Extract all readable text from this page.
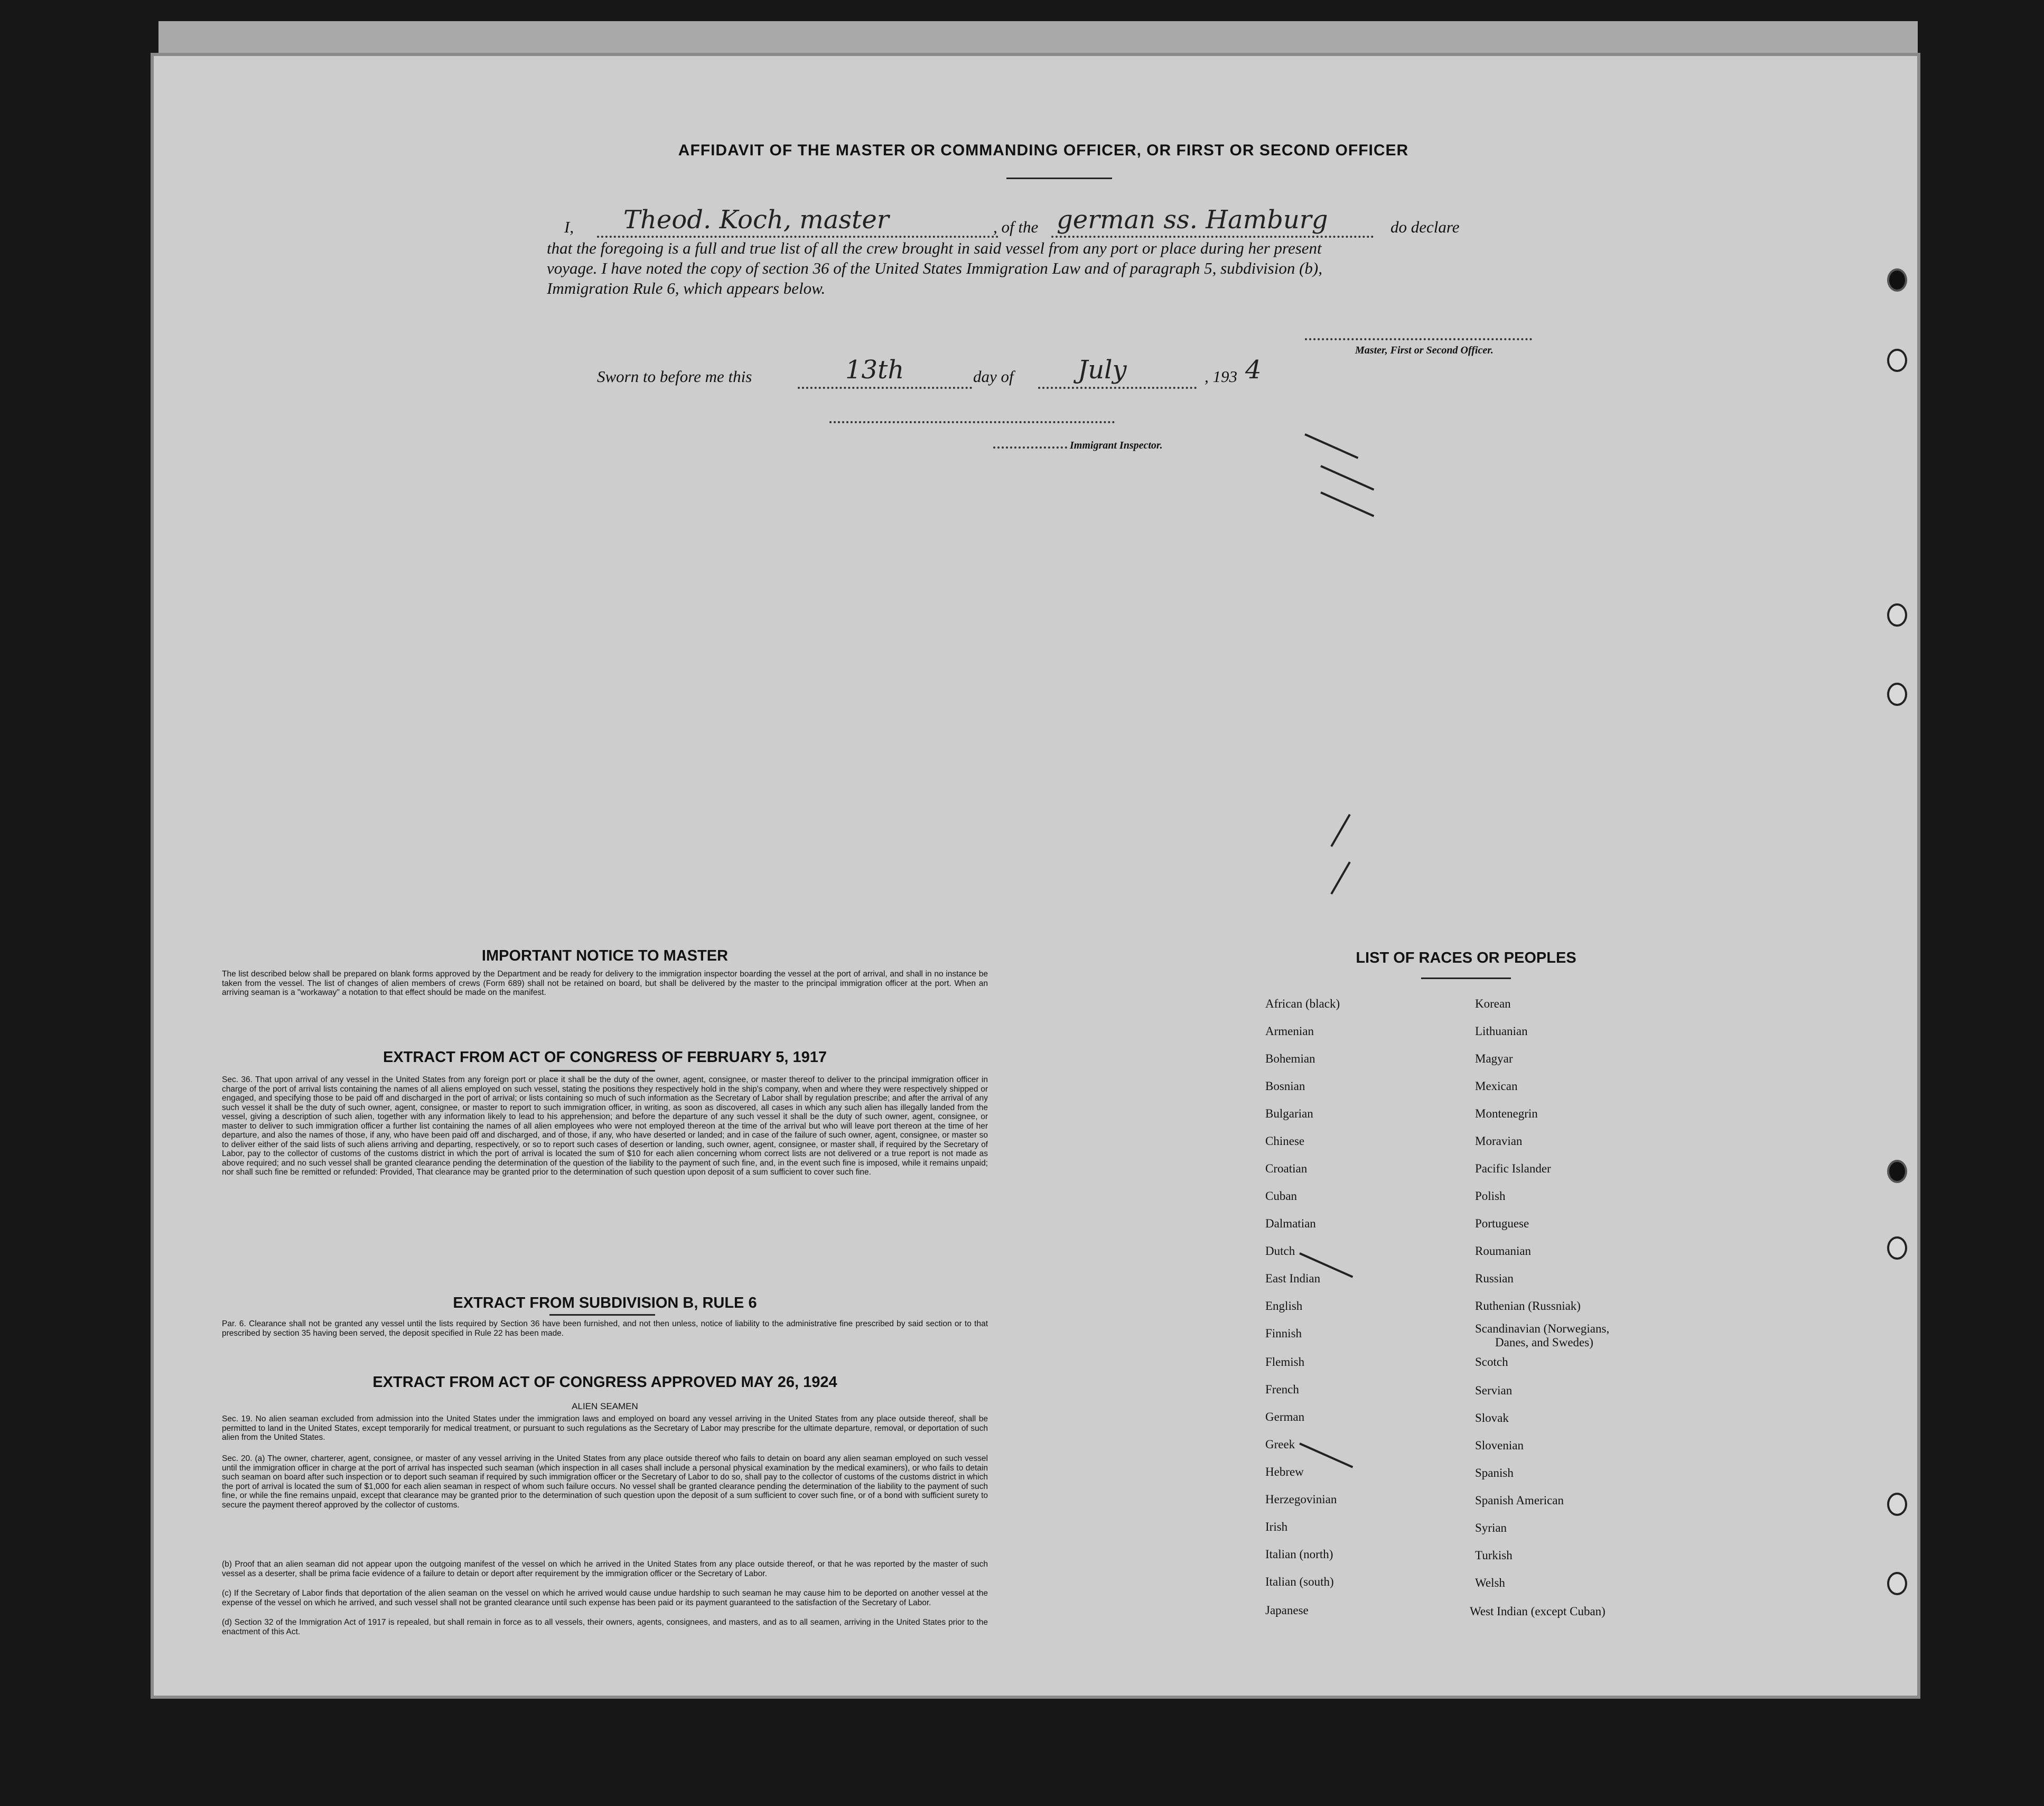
AFFIDAVIT OF THE MASTER OR COMMANDING OFFICER, OR FIRST OR SECOND OFFICER
I, Theod. Koch, master	, of the german ss. Hamburg	do declare
that the foregoing is a full and true list of all the crew brought in said vessel from any port or place during her present
voyage. I have noted the copy of section 36 of the United States Immigration Law and of paragraph 5, subdivision (b),
Immigration Rule 6, which appears below.
Master, First or Second Officer.
Sworn to before me this	13th	day of	July	, 193 4
Immigrant Inspector.
IMPORTANT NOTICE TO MASTER
The list described below shall be prepared on blank forms approved by the Department and be ready for delivery to the immigration inspector boarding the vessel at the port of arrival, and shall in no instance be taken from the vessel. The list of changes of alien members of crews (Form 689) shall not be retained on board, but shall be delivered by the master to the principal immigration officer at the port. When an arriving seaman is a "workaway" a notation to that effect should be made on the manifest.
EXTRACT FROM ACT OF CONGRESS OF FEBRUARY 5, 1917
Sec. 36. That upon arrival of any vessel in the United States from any foreign port or place it shall be the duty of the owner, agent, consignee, or master thereof to deliver to the principal immigration officer in charge of the port of arrival lists containing the names of all aliens employed on such vessel, stating the positions they respectively hold in the ship's company, when and where they were respectively shipped or engaged, and specifying those to be paid off and discharged in the port of arrival; or lists containing so much of such information as the Secretary of Labor shall by regulation prescribe; and after the arrival of any such vessel it shall be the duty of such owner, agent, consignee, or master to report to such immigration officer, in writing, as soon as discovered, all cases in which any such alien has illegally landed from the vessel, giving a description of such alien, together with any information likely to lead to his apprehension; and before the departure of any such vessel it shall be the duty of such owner, agent, consignee, or master to deliver to such immigration officer a further list containing the names of all alien employees who were not employed thereon at the time of the arrival but who will leave port thereon at the time of her departure, and also the names of those, if any, who have been paid off and discharged, and of those, if any, who have deserted or landed; and in case of the failure of such owner, agent, consignee, or master so to deliver either of the said lists of such aliens arriving and departing, respectively, or so to report such cases of desertion or landing, such owner, agent, consignee, or master shall, if required by the Secretary of Labor, pay to the collector of customs of the customs district in which the port of arrival is located the sum of $10 for each alien concerning whom correct lists are not delivered or a true report is not made as above required; and no such vessel shall be granted clearance pending the determination of the question of the liability to the payment of such fine, and, in the event such fine is imposed, while it remains unpaid; nor shall such fine be remitted or refunded: Provided, That clearance may be granted prior to the determination of such question upon deposit of a sum sufficient to cover such fine.
EXTRACT FROM SUBDIVISION B, RULE 6
Par. 6. Clearance shall not be granted any vessel until the lists required by Section 36 have been furnished, and not then unless, notice of liability to the administrative fine prescribed by said section or to that prescribed by section 35 having been served, the deposit specified in Rule 22 has been made.
EXTRACT FROM ACT OF CONGRESS APPROVED MAY 26, 1924
ALIEN SEAMEN
Sec. 19. No alien seaman excluded from admission into the United States under the immigration laws and employed on board any vessel arriving in the United States from any place outside thereof, shall be permitted to land in the United States, except temporarily for medical treatment, or pursuant to such regulations as the Secretary of Labor may prescribe for the ultimate departure, removal, or deportation of such alien from the United States.
Sec. 20. (a) The owner, charterer, agent, consignee, or master of any vessel arriving in the United States from any place outside thereof who fails to detain on board any alien seaman employed on such vessel until the immigration officer in charge at the port of arrival has inspected such seaman (which inspection in all cases shall include a personal physical examination by the medical examiners), or who fails to detain such seaman on board after such inspection or to deport such seaman if required by such immigration officer or the Secretary of Labor to do so, shall pay to the collector of customs of the customs district in which the port of arrival is located the sum of $1,000 for each alien seaman in respect of whom such failure occurs. No vessel shall be granted clearance pending the determination of the liability to the payment of such fine, or while the fine remains unpaid, except that clearance may be granted prior to the determination of such question upon the deposit of a sum sufficient to cover such fine, or of a bond with sufficient surety to secure the payment thereof approved by the collector of customs.
(b) Proof that an alien seaman did not appear upon the outgoing manifest of the vessel on which he arrived in the United States from any place outside thereof, or that he was reported by the master of such vessel as a deserter, shall be prima facie evidence of a failure to detain or deport after requirement by the immigration officer or the Secretary of Labor.
(c) If the Secretary of Labor finds that deportation of the alien seaman on the vessel on which he arrived would cause undue hardship to such seaman he may cause him to be deported on another vessel at the expense of the vessel on which he arrived, and such vessel shall not be granted clearance until such expense has been paid or its payment guaranteed to the satisfaction of the Secretary of Labor.
(d) Section 32 of the Immigration Act of 1917 is repealed, but shall remain in force as to all vessels, their owners, agents, consignees, and masters, and as to all seamen, arriving in the United States prior to the enactment of this Act.
LIST OF RACES OR PEOPLES
African (black)
Armenian
Bohemian
Bosnian
Bulgarian
Chinese
Croatian
Cuban
Dalmatian
Dutch
East Indian
English
Finnish
Flemish
French
German
Greek
Hebrew
Herzegovinian
Irish
Italian (north)
Italian (south)
Japanese
Korean
Lithuanian
Magyar
Mexican
Montenegrin
Moravian
Pacific Islander
Polish
Portuguese
Roumanian
Russian
Ruthenian (Russniak)
Scandinavian (Norwegians,
Danes, and Swedes)
Scotch
Servian
Slovak
Slovenian
Spanish
Spanish American
Syrian
Turkish
Welsh
West Indian (except Cuban)
